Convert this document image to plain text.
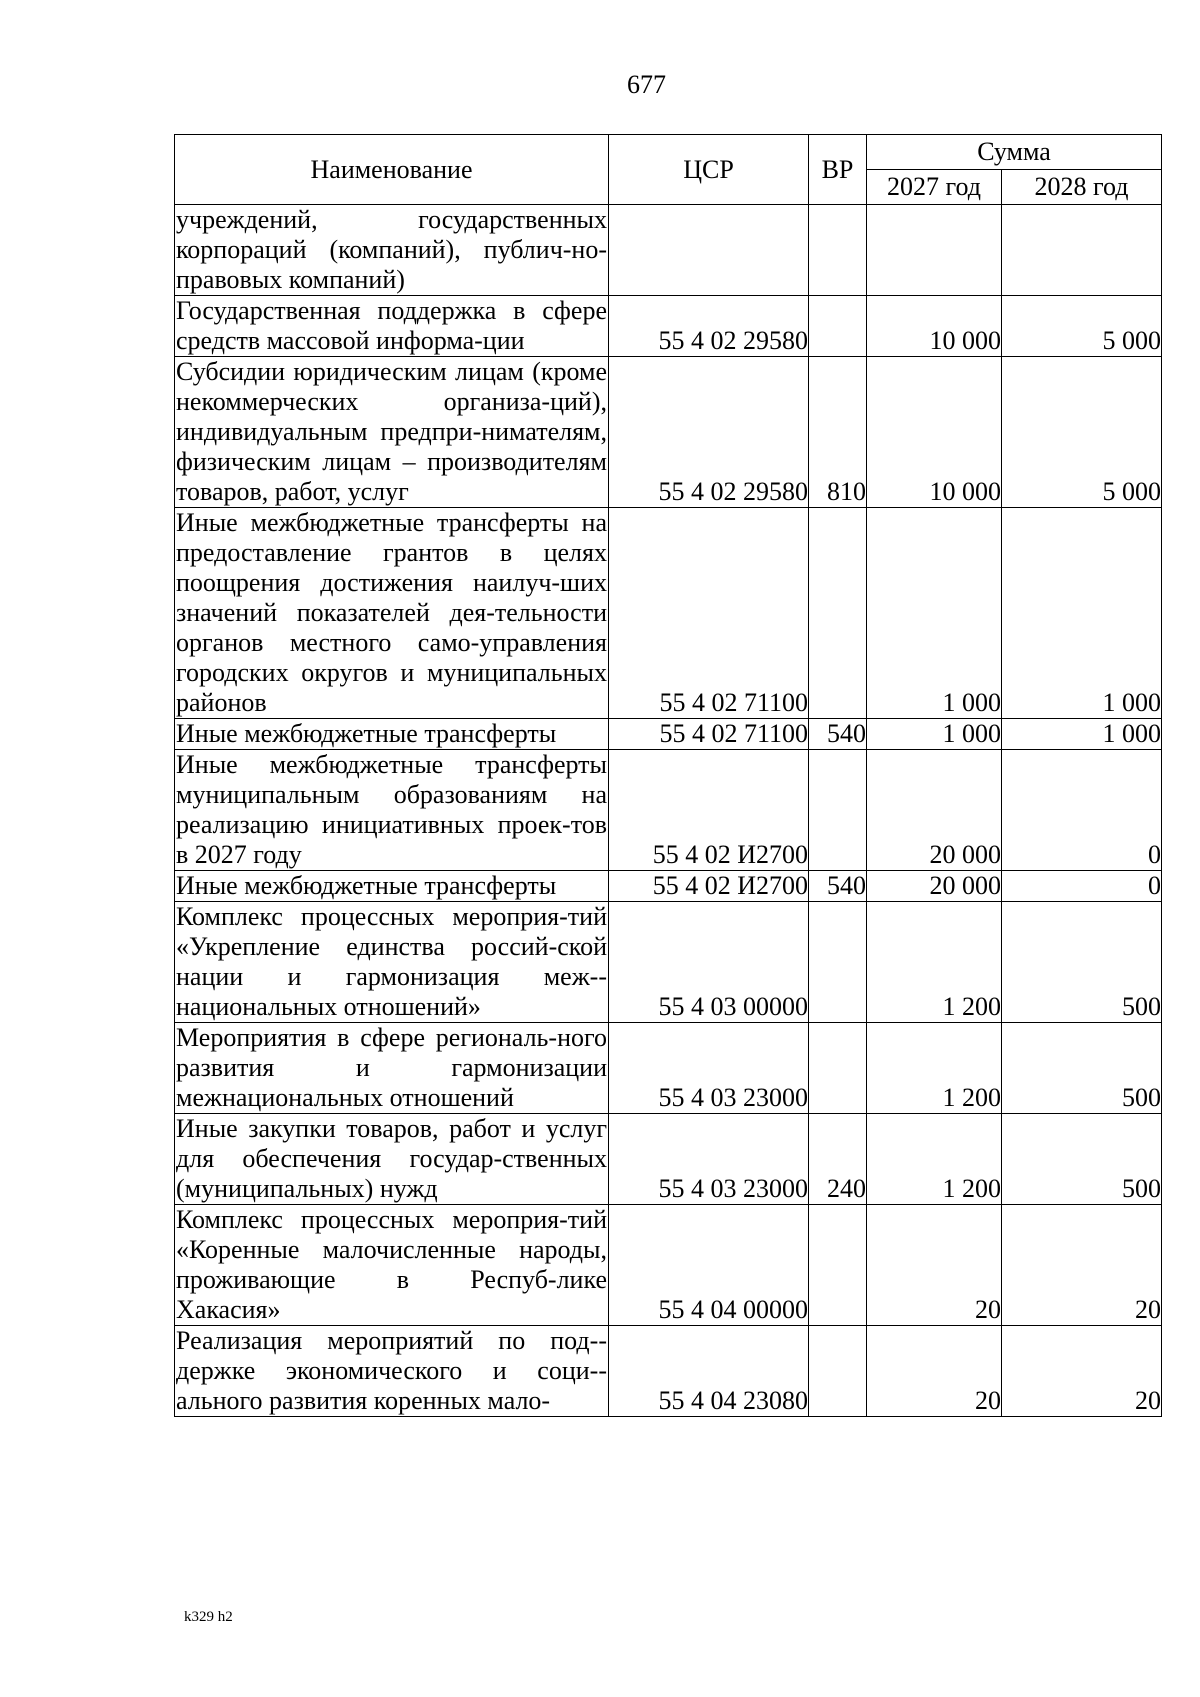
677
Наименование	ЦСР	ВР	Сумма	
			2027 год	2028 год
учреждений, государственных корпораций (компаний), публич-но-правовых компаний)				
Государственная поддержка в сфере средств массовой информа-ции	55 4 02 29580		10 000	5 000
Субсидии юридическим лицам (кроме некоммерческих организа-ций), индивидуальным предпри-нимателям, физическим лицам – производителям товаров, работ, услуг	55 4 02 29580	810	10 000	5 000
Иные межбюджетные трансферты на предоставление грантов в целях поощрения достижения наилуч-ших значений показателей дея-тельности органов местного само-управления городских округов и муниципальных районов	55 4 02 71100		1 000	1 000
Иные межбюджетные трансферты	55 4 02 71100	540	1 000	1 000
Иные межбюджетные трансферты муниципальным образованиям на реализацию инициативных проек-тов в 2027 году	55 4 02 И2700		20 000	0
Иные межбюджетные трансферты	55 4 02 И2700	540	20 000	0
Комплекс процессных мероприя-тий «Укрепление единства россий-ской нации и гармонизация меж-национальных отношений»	55 4 03 00000		1 200	500
Мероприятия в сфере региональ-ного развития и гармонизации межнациональных отношений	55 4 03 23000		1 200	500
Иные закупки товаров, работ и услуг для обеспечения государ-ственных (муниципальных) нужд	55 4 03 23000	240	1 200	500
Комплекс процессных мероприя-тий «Коренные малочисленные народы, проживающие в Респуб-лике Хакасия»	55 4 04 00000		20	20
Реализация мероприятий по под-держке экономического и соци-ального развития коренных мало-	55 4 04 23080		20	20
k329 h2
